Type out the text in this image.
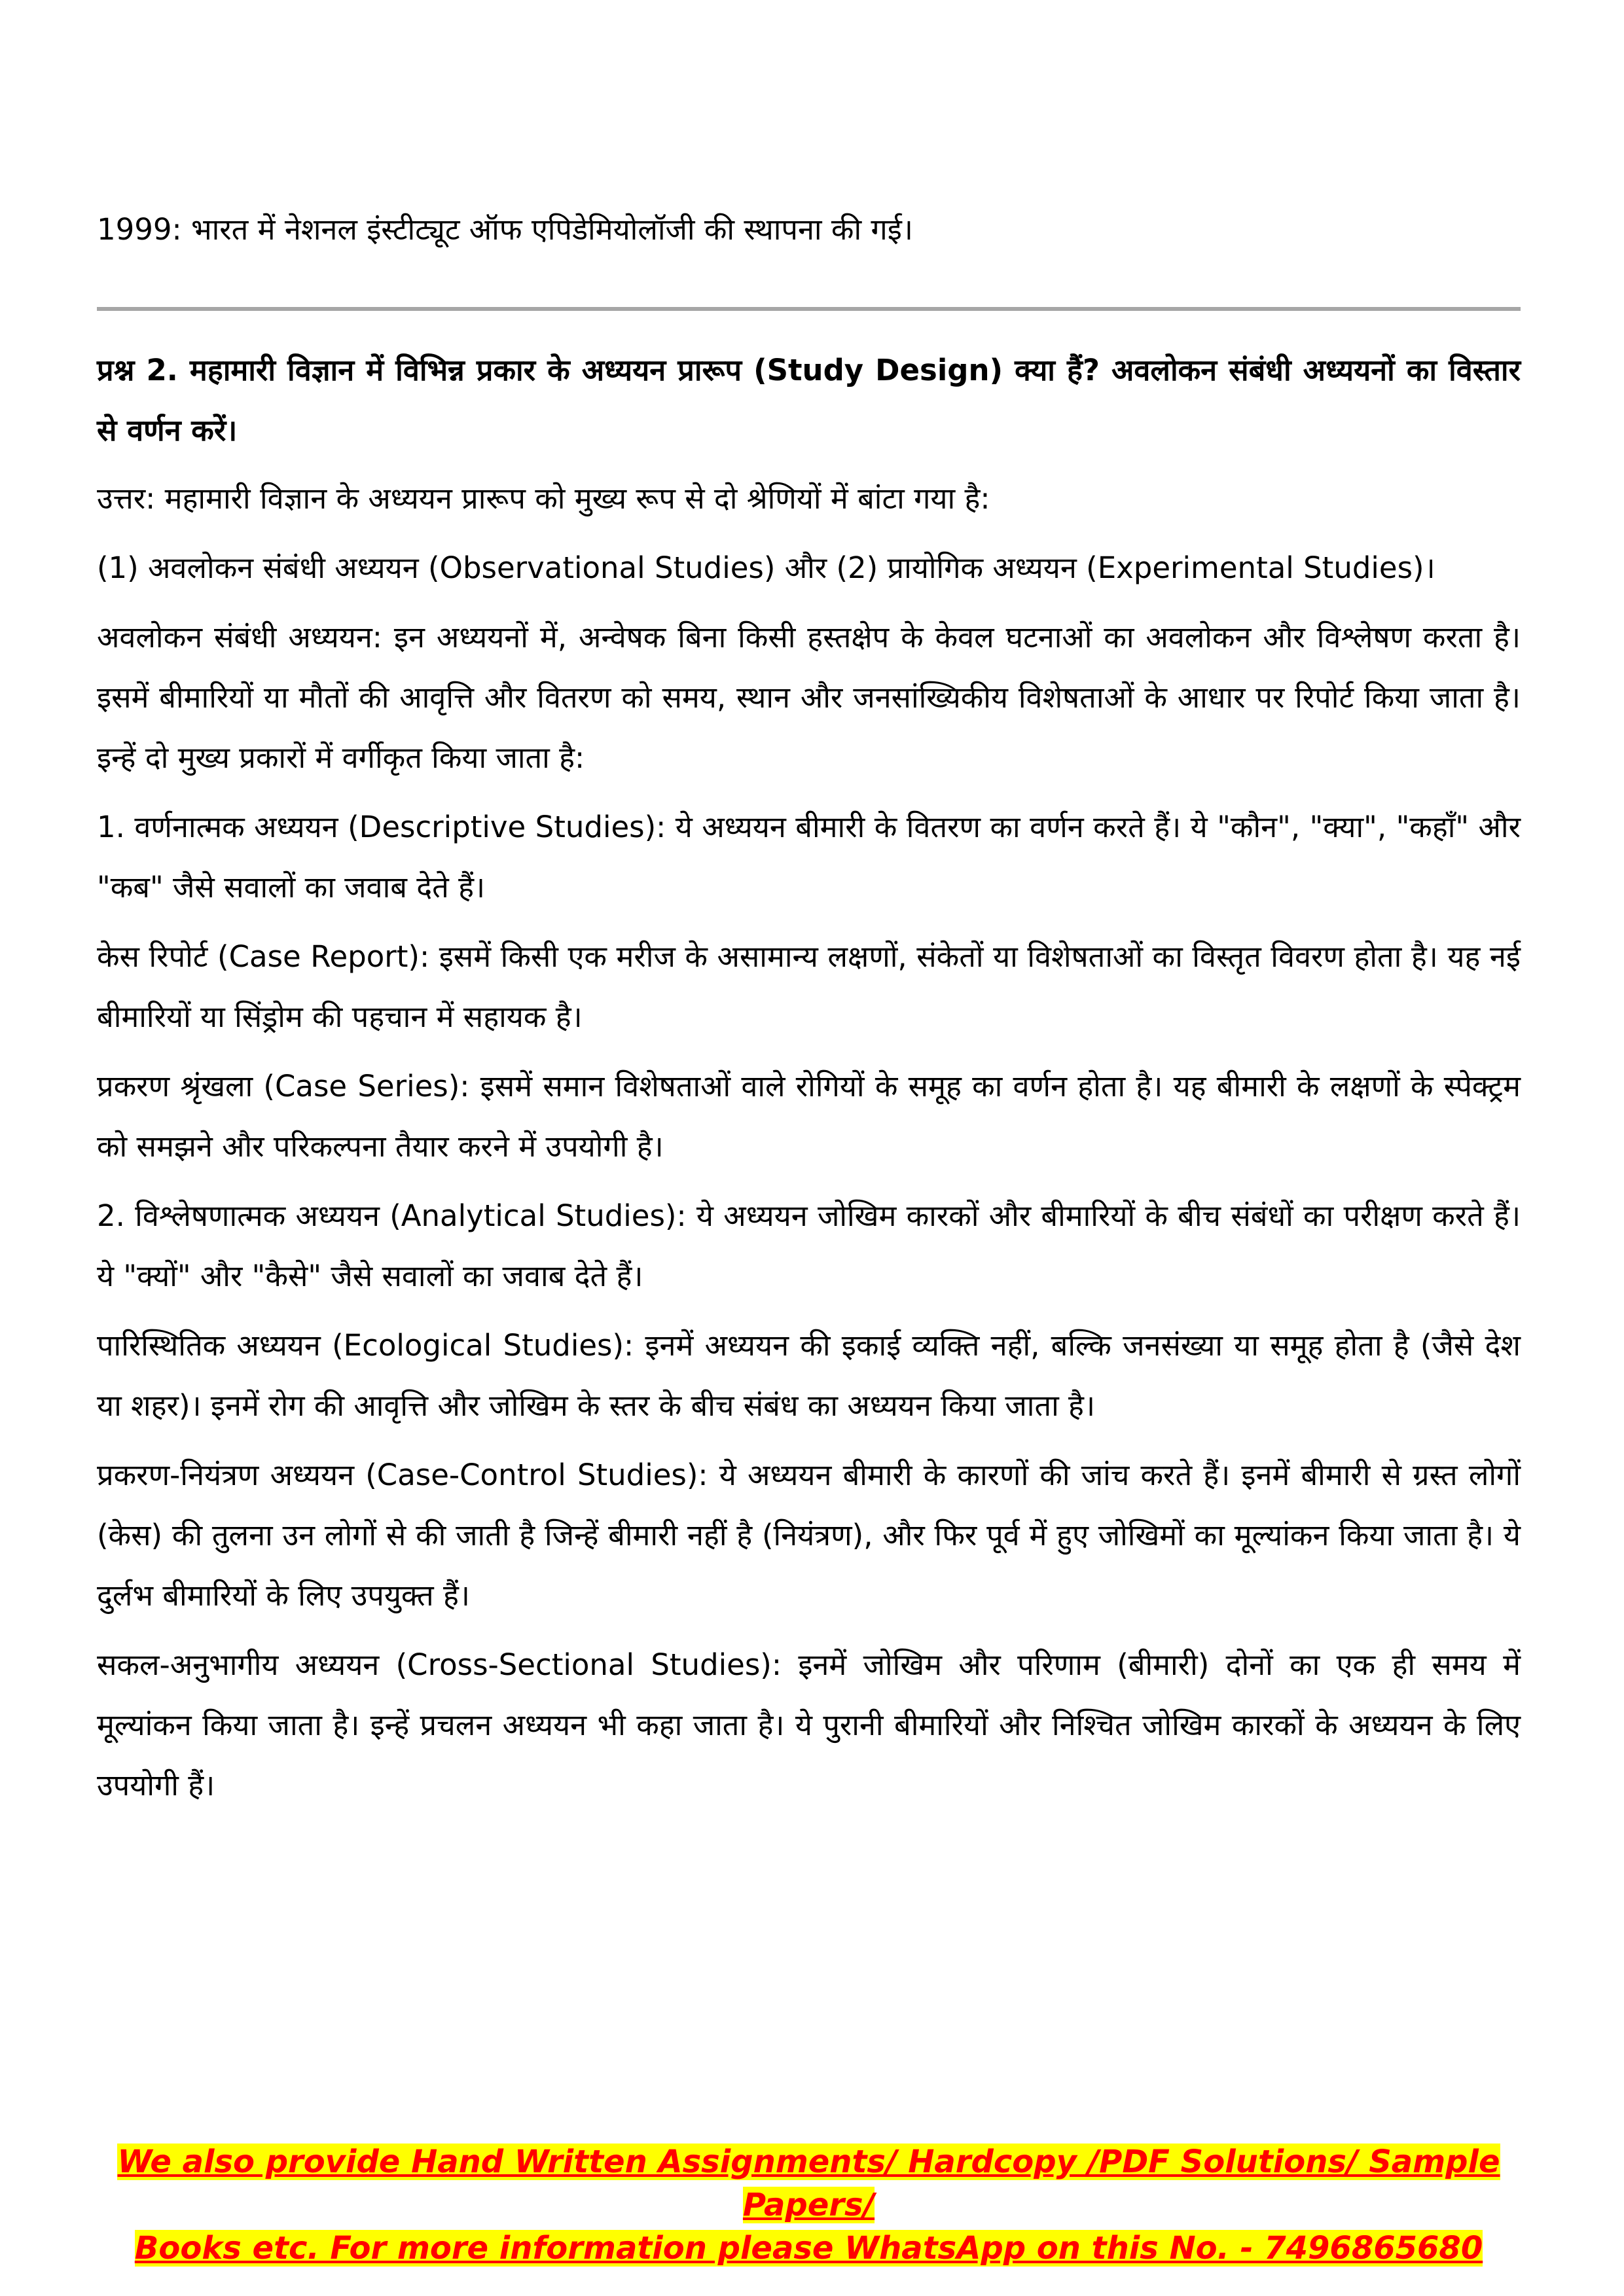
1999: भारत में नेशनल इंस्टीट्यूट ऑफ एपिडेमियोलॉजी की स्थापना की गई।

प्रश्न 2. महामारी विज्ञान में विभिन्न प्रकार के अध्ययन प्रारूप (Study Design) क्या हैं? अवलोकन संबंधी अध्ययनों का विस्तार से वर्णन करें।

उत्तर: महामारी विज्ञान के अध्ययन प्रारूप को मुख्य रूप से दो श्रेणियों में बांटा गया है:

(1) अवलोकन संबंधी अध्ययन (Observational Studies) और (2) प्रायोगिक अध्ययन (Experimental Studies)।

अवलोकन संबंधी अध्ययन: इन अध्ययनों में, अन्वेषक बिना किसी हस्तक्षेप के केवल घटनाओं का अवलोकन और विश्लेषण करता है। इसमें बीमारियों या मौतों की आवृत्ति और वितरण को समय, स्थान और जनसांख्यिकीय विशेषताओं के आधार पर रिपोर्ट किया जाता है। इन्हें दो मुख्य प्रकारों में वर्गीकृत किया जाता है:

1. वर्णनात्मक अध्ययन (Descriptive Studies): ये अध्ययन बीमारी के वितरण का वर्णन करते हैं। ये "कौन", "क्या", "कहाँ" और "कब" जैसे सवालों का जवाब देते हैं।

केस रिपोर्ट (Case Report): इसमें किसी एक मरीज के असामान्य लक्षणों, संकेतों या विशेषताओं का विस्तृत विवरण होता है। यह नई बीमारियों या सिंड्रोम की पहचान में सहायक है।

प्रकरण श्रृंखला (Case Series): इसमें समान विशेषताओं वाले रोगियों के समूह का वर्णन होता है। यह बीमारी के लक्षणों के स्पेक्ट्रम को समझने और परिकल्पना तैयार करने में उपयोगी है।

2. विश्लेषणात्मक अध्ययन (Analytical Studies): ये अध्ययन जोखिम कारकों और बीमारियों के बीच संबंधों का परीक्षण करते हैं। ये "क्यों" और "कैसे" जैसे सवालों का जवाब देते हैं।

पारिस्थितिक अध्ययन (Ecological Studies): इनमें अध्ययन की इकाई व्यक्ति नहीं, बल्कि जनसंख्या या समूह होता है (जैसे देश या शहर)। इनमें रोग की आवृत्ति और जोखिम के स्तर के बीच संबंध का अध्ययन किया जाता है।

प्रकरण-नियंत्रण अध्ययन (Case-Control Studies): ये अध्ययन बीमारी के कारणों की जांच करते हैं। इनमें बीमारी से ग्रस्त लोगों (केस) की तुलना उन लोगों से की जाती है जिन्हें बीमारी नहीं है (नियंत्रण), और फिर पूर्व में हुए जोखिमों का मूल्यांकन किया जाता है। ये दुर्लभ बीमारियों के लिए उपयुक्त हैं।

सकल-अनुभागीय अध्ययन (Cross-Sectional Studies): इनमें जोखिम और परिणाम (बीमारी) दोनों का एक ही समय में मूल्यांकन किया जाता है। इन्हें प्रचलन अध्ययन भी कहा जाता है। ये पुरानी बीमारियों और निश्चित जोखिम कारकों के अध्ययन के लिए उपयोगी हैं।

We also provide Hand Written Assignments/ Hardcopy /PDF Solutions/ Sample Papers/
Books etc. For more information please WhatsApp on this No. - 7496865680
